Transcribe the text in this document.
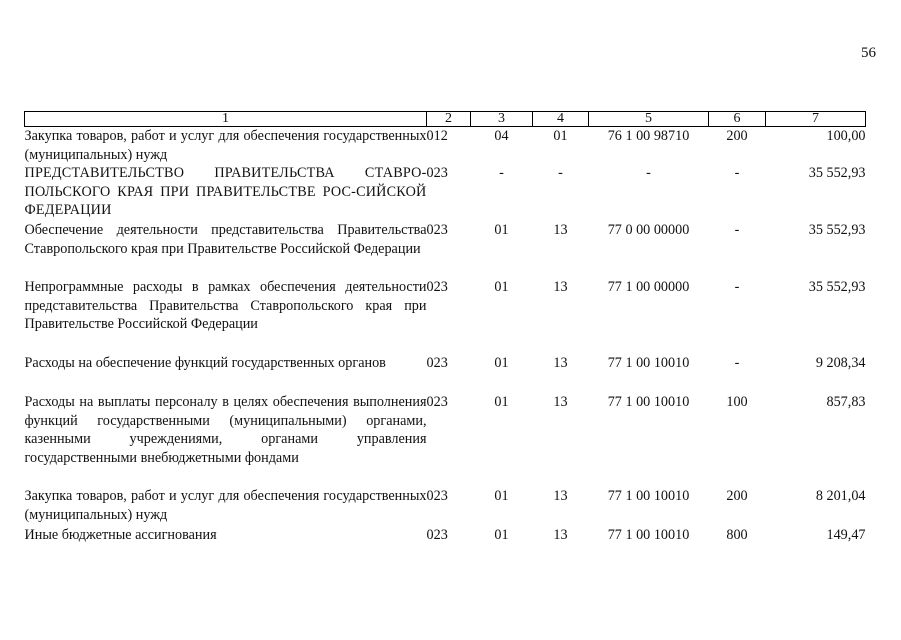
56
1	2	3	4	5	6	7
Закупка товаров, работ и услуг для обеспечения государственных (муниципальных) нужд	012	04	01	76 1 00 98710	200	100,00
ПРЕДСТАВИТЕЛЬСТВО ПРАВИТЕЛЬСТВА СТАВРО-ПОЛЬСКОГО КРАЯ ПРИ ПРАВИТЕЛЬСТВЕ РОС-СИЙСКОЙ ФЕДЕРАЦИИ	023	-	-	-	-	35 552,93
Обеспечение деятельности представительства Правительства Ставропольского края при Правительстве Российской Федерации	023	01	13	77 0 00 00000	-	35 552,93
Непрограммные расходы в рамках обеспечения деятельности представительства Правительства Ставропольского края при Правительстве Российской Федерации	023	01	13	77 1 00 00000	-	35 552,93
Расходы на обеспечение функций государственных органов	023	01	13	77 1 00 10010	-	9 208,34
Расходы на выплаты персоналу в целях обеспечения выполнения функций государственными (муниципальными) органами, казенными учреждениями, органами управления государственными внебюджетными фондами	023	01	13	77 1 00 10010	100	857,83
Закупка товаров, работ и услуг для обеспечения государственных (муниципальных) нужд	023	01	13	77 1 00 10010	200	8 201,04
Иные бюджетные ассигнования	023	01	13	77 1 00 10010	800	149,47
